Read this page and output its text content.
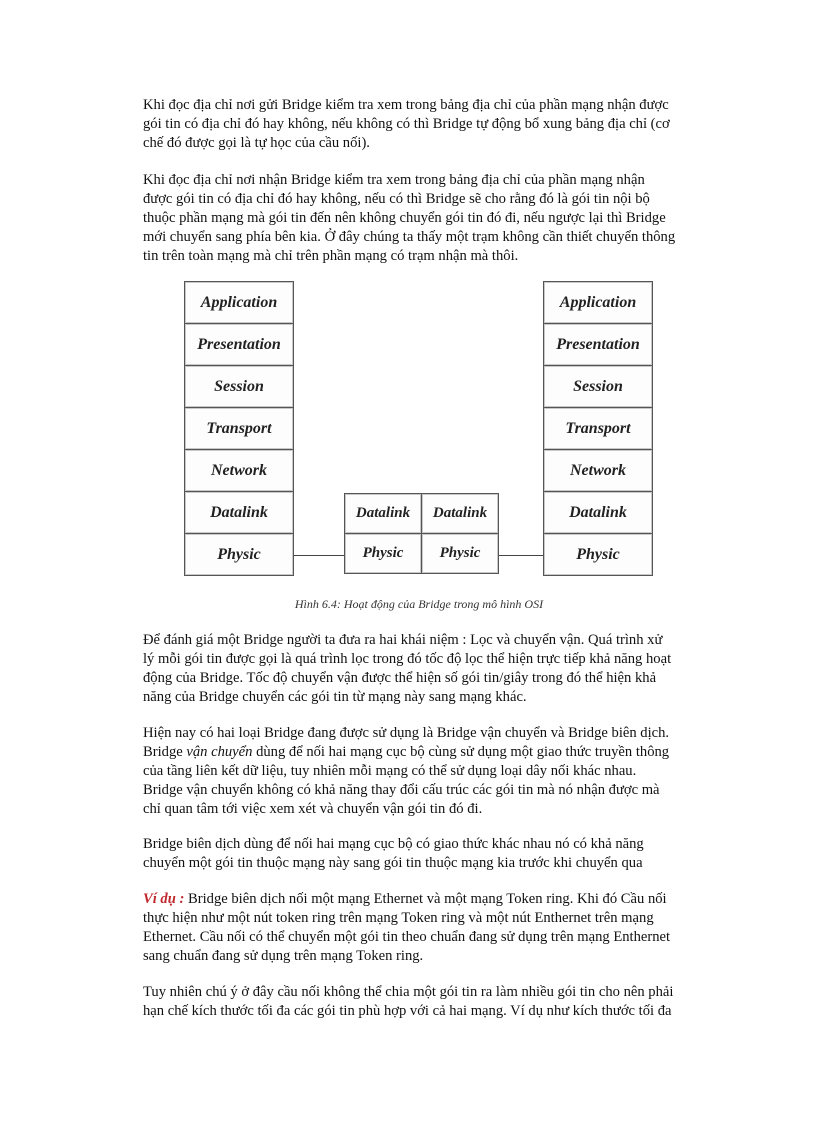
Khi đọc địa chỉ nơi gửi Bridge kiểm tra xem trong bảng địa chỉ của phần mạng nhận được
gói tin có địa chỉ đó hay không, nếu không có thì Bridge tự động bổ xung bảng địa chỉ (cơ
chế đó được gọi là tự học của cầu nối).

Khi đọc địa chỉ nơi nhận Bridge kiểm tra xem trong bảng địa chỉ của phần mạng nhận
được gói tin có địa chỉ đó hay không, nếu có thì Bridge sẽ cho rằng đó là gói tin nội bộ
thuộc phần mạng mà gói tin đến nên không chuyển gói tin đó đi, nếu ngược lại thì Bridge
mới chuyển sang phía bên kia. Ở đây chúng ta thấy một trạm không cần thiết chuyển thông
tin trên toàn mạng mà chỉ trên phần mạng có trạm nhận mà thôi.

Application
Presentation
Session
Transport
Network
Datalink
Physic
Application
Presentation
Session
Transport
Network
Datalink
Physic
Datalink	Datalink
Physic	Physic

Hình 6.4: Hoạt động của Bridge trong mô hình OSI

Để đánh giá một Bridge người ta đưa ra hai khái niệm : Lọc và chuyển vận. Quá trình xử
lý mỗi gói tin được gọi là quá trình lọc trong đó tốc độ lọc thể hiện trực tiếp khả năng hoạt
động của Bridge. Tốc độ chuyển vận được thể hiện số gói tin/giây trong đó thể hiện khả
năng của Bridge chuyển các gói tin từ mạng này sang mạng khác.

Hiện nay có hai loại Bridge đang được sử dụng là Bridge vận chuyển và Bridge biên dịch.
Bridge vận chuyển dùng để nối hai mạng cục bộ cùng sử dụng một giao thức truyền thông
của tầng liên kết dữ liệu, tuy nhiên mỗi mạng có thể sử dụng loại dây nối khác nhau.
Bridge vận chuyển không có khả năng thay đổi cấu trúc các gói tin mà nó nhận được mà
chỉ quan tâm tới việc xem xét và chuyển vận gói tin đó đi.

Bridge biên dịch dùng để nối hai mạng cục bộ có giao thức khác nhau nó có khả năng
chuyển một gói tin thuộc mạng này sang gói tin thuộc mạng kia trước khi chuyển qua

Ví dụ : Bridge biên dịch nối một mạng Ethernet và một mạng Token ring. Khi đó Cầu nối
thực hiện như một nút token ring trên mạng Token ring và một nút Enthernet trên mạng
Ethernet. Cầu nối có thể chuyển một gói tin theo chuẩn đang sử dụng trên mạng Enthernet
sang chuẩn đang sử dụng trên mạng Token ring.

Tuy nhiên chú ý ở đây cầu nối không thể chia một gói tin ra làm nhiều gói tin cho nên phải
hạn chế kích thước tối đa các gói tin phù hợp với cả hai mạng. Ví dụ như kích thước tối đa
